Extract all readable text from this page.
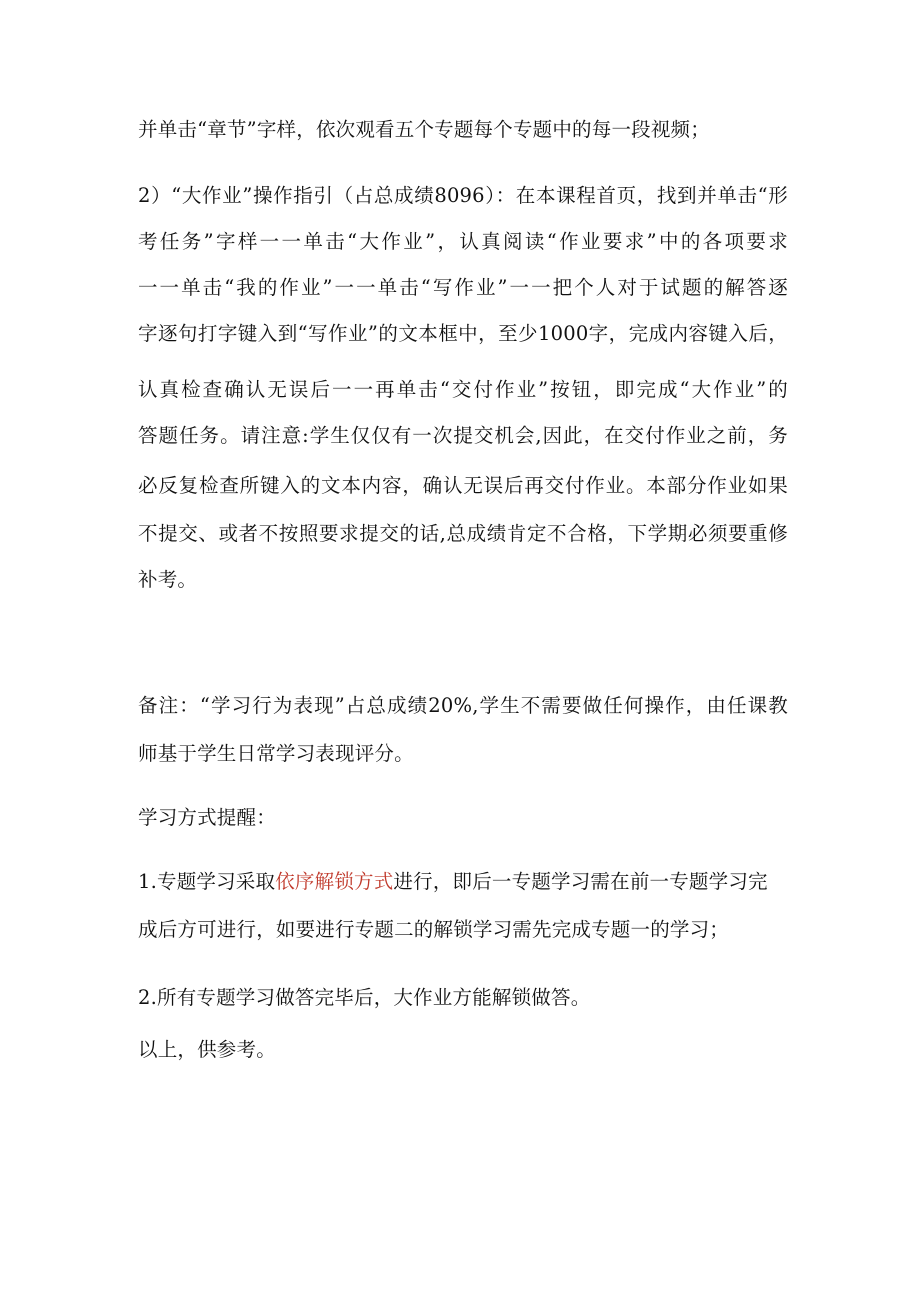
并单击“章节”字样，依次观看五个专题每个专题中的每一段视频；
2）“大作业”操作指引（占总成绩8096）：在本课程首页，找到并单击“形
考任务”字样一一单击“大作业”，认真阅读“作业要求”中的各项要求
一一单击“我的作业”一一单击“写作业”一一把个人对于试题的解答逐
字逐句打字键入到“写作业”的文本框中，至少1000字，完成内容键入后，
认真检查确认无误后一一再单击“交付作业”按钮，即完成“大作业”的
答题任务。请注意:学生仅仅有一次提交机会,因此，在交付作业之前，务
必反复检查所键入的文本内容，确认无误后再交付作业。本部分作业如果
不提交、或者不按照要求提交的话,总成绩肯定不合格，下学期必须要重修
补考。
备注：“学习行为表现”占总成绩20%,学生不需要做任何操作，由任课教
师基于学生日常学习表现评分。
学习方式提醒：
1.专题学习采取依序解锁方式进行，即后一专题学习需在前一专题学习完
成后方可进行，如要进行专题二的解锁学习需先完成专题一的学习；
2.所有专题学习做答完毕后，大作业方能解锁做答。
以上，供参考。
